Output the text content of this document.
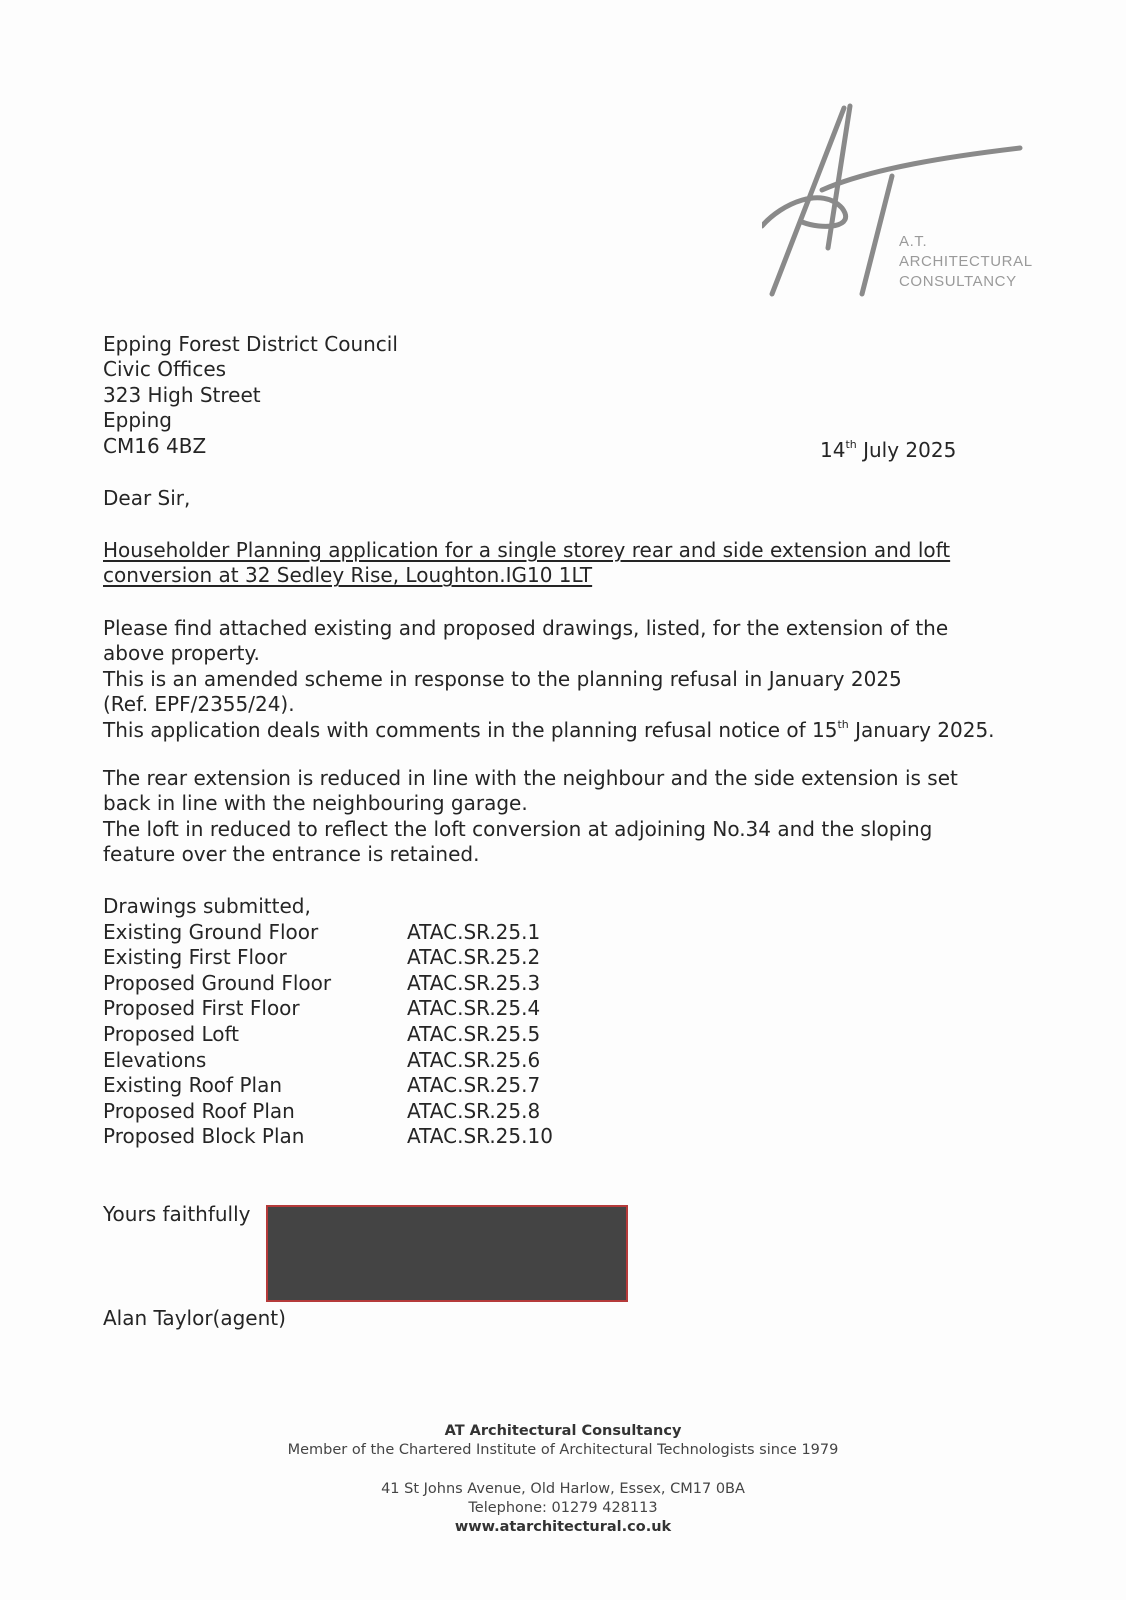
A.T.
ARCHITECTURAL
CONSULTANCY
Epping Forest District Council
Civic Offices
323 High Street
Epping
CM16 4BZ	14th July 2025
Dear Sir,
Householder Planning application for a single storey rear and side extension and loft
conversion at 32 Sedley Rise, Loughton.IG10 1LT
Please find attached existing and proposed drawings, listed, for the extension of the
above property.
This is an amended scheme in response to the planning refusal in January 2025
(Ref. EPF/2355/24).
This application deals with comments in the planning refusal notice of 15th January 2025.
The rear extension is reduced in line with the neighbour and the side extension is set
back in line with the neighbouring garage.
The loft in reduced to reflect the loft conversion at adjoining No.34 and the sloping
feature over the entrance is retained.
Drawings submitted,
Existing Ground Floor	ATAC.SR.25.1
Existing First Floor	ATAC.SR.25.2
Proposed Ground Floor	ATAC.SR.25.3
Proposed First Floor	ATAC.SR.25.4
Proposed Loft	ATAC.SR.25.5
Elevations	ATAC.SR.25.6
Existing Roof Plan	ATAC.SR.25.7
Proposed Roof Plan	ATAC.SR.25.8
Proposed Block Plan	ATAC.SR.25.10
Yours faithfully
Alan Taylor(agent)
AT Architectural Consultancy
Member of the Chartered Institute of Architectural Technologists since 1979
41 St Johns Avenue, Old Harlow, Essex, CM17 0BA
Telephone: 01279 428113
www.atarchitectural.co.uk
